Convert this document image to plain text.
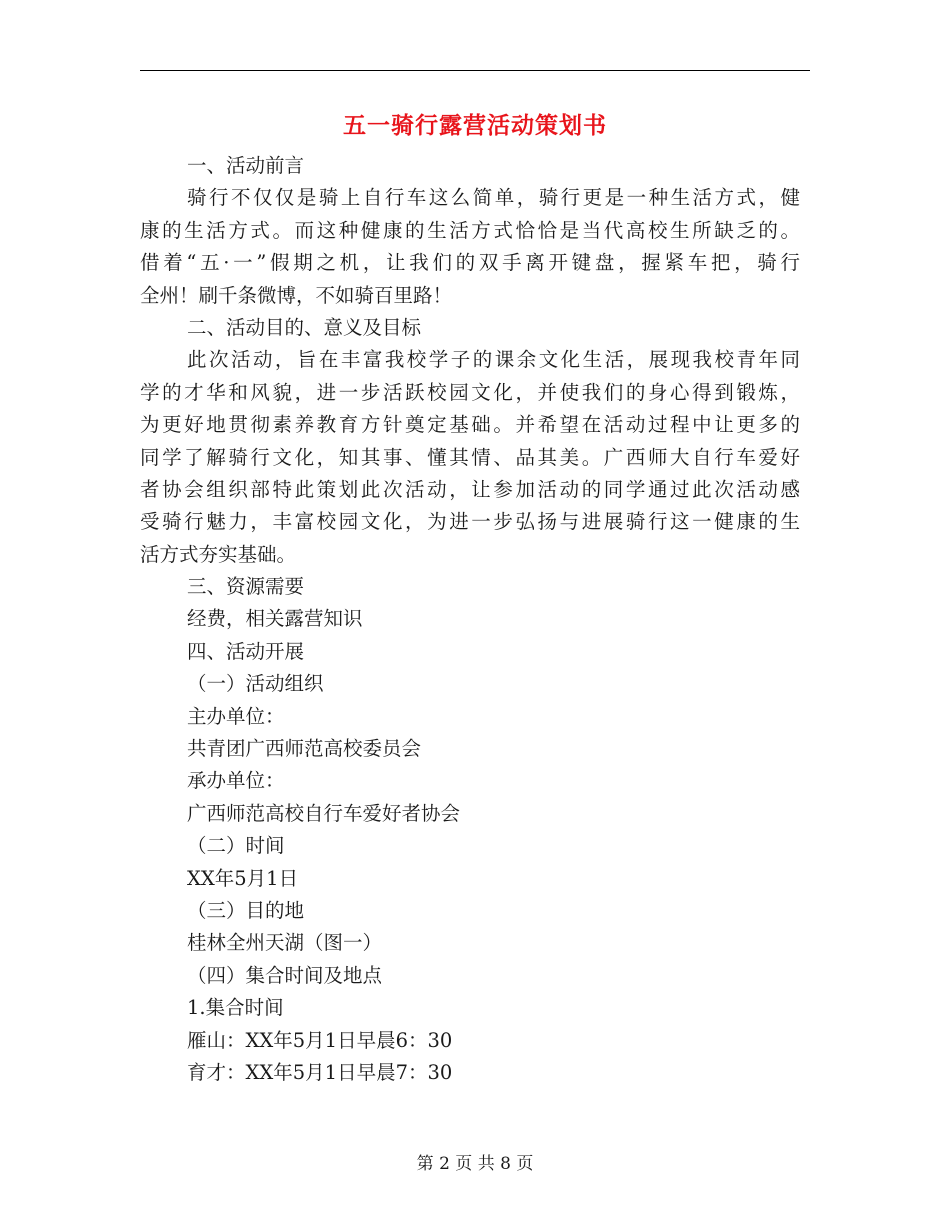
五一骑行露营活动策划书
一、活动前言
骑行不仅仅是骑上自行车这么简单，骑行更是一种生活方式，健
康的生活方式。而这种健康的生活方式恰恰是当代高校生所缺乏的。
借着“五·一”假期之机，让我们的双手离开键盘，握紧车把，骑行
全州！刷千条微博，不如骑百里路！
二、活动目的、意义及目标
此次活动，旨在丰富我校学子的课余文化生活，展现我校青年同
学的才华和风貌，进一步活跃校园文化，并使我们的身心得到锻炼，
为更好地贯彻素养教育方针奠定基础。并希望在活动过程中让更多的
同学了解骑行文化，知其事、懂其情、品其美。广西师大自行车爱好
者协会组织部特此策划此次活动，让参加活动的同学通过此次活动感
受骑行魅力，丰富校园文化，为进一步弘扬与进展骑行这一健康的生
活方式夯实基础。
三、资源需要
经费，相关露营知识
四、活动开展
（一）活动组织
主办单位：
共青团广西师范高校委员会
承办单位：
广西师范高校自行车爱好者协会
（二）时间
XX年5月1日
（三）目的地
桂林全州天湖（图一）
（四）集合时间及地点
1.集合时间
雁山：XX年5月1日早晨6：30
育才：XX年5月1日早晨7：30
第 2 页 共 8 页
